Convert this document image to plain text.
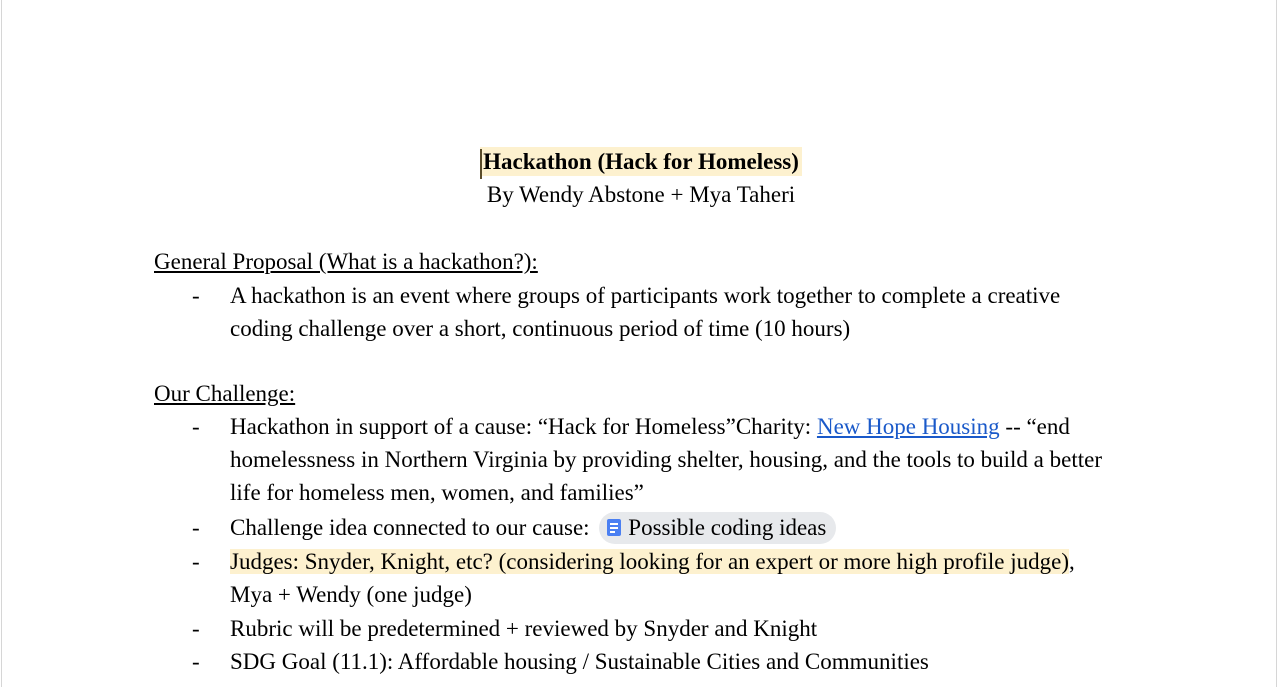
Hackathon (Hack for Homeless)
By Wendy Abstone + Mya Taheri
General Proposal (What is a hackathon?):
- A hackathon is an event where groups of participants work together to complete a creative coding challenge over a short, continuous period of time (10 hours)
Our Challenge:
- Hackathon in support of a cause: “Hack for Homeless”Charity: New Hope Housing -- “end homelessness in Northern Virginia by providing shelter, housing, and the tools to build a better life for homeless men, women, and families”
- Challenge idea connected to our cause:
Possible coding ideas
- Judges: Snyder, Knight, etc? (considering looking for an expert or more high profile judge), Mya + Wendy (one judge)
- Rubric will be predetermined + reviewed by Snyder and Knight
- SDG Goal (11.1): Affordable housing / Sustainable Cities and Communities
